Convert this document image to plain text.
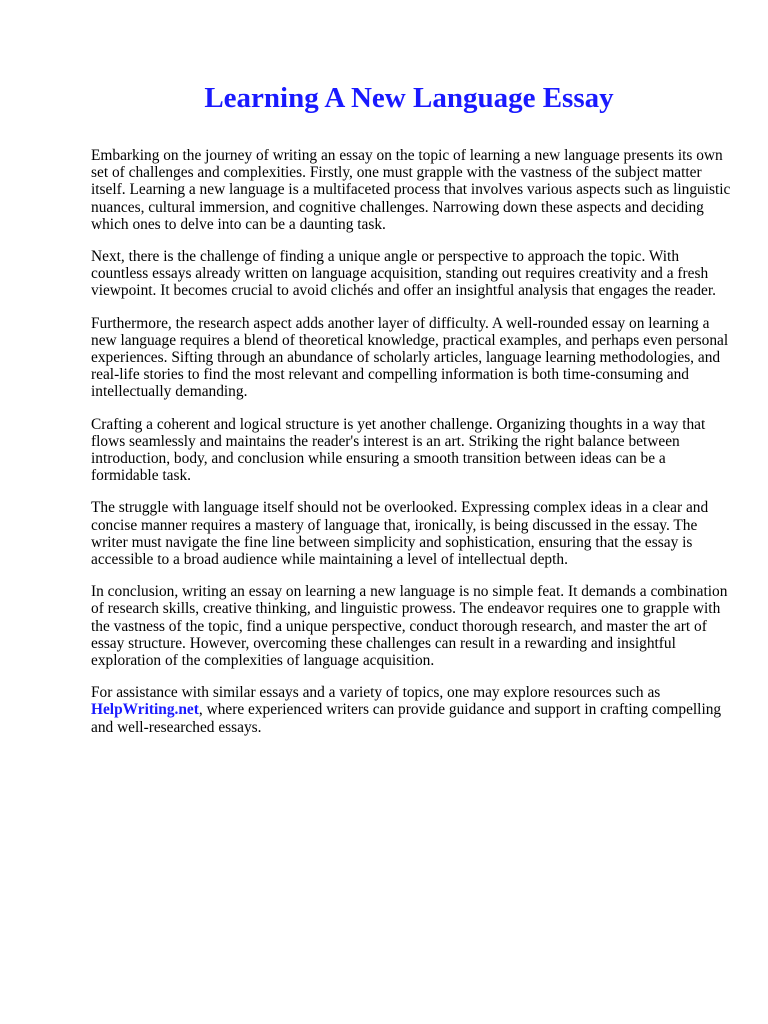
Learning A New Language Essay

Embarking on the journey of writing an essay on the topic of learning a new language presents its own set of challenges and complexities. Firstly, one must grapple with the vastness of the subject matter itself. Learning a new language is a multifaceted process that involves various aspects such as linguistic nuances, cultural immersion, and cognitive challenges. Narrowing down these aspects and deciding which ones to delve into can be a daunting task.

Next, there is the challenge of finding a unique angle or perspective to approach the topic. With countless essays already written on language acquisition, standing out requires creativity and a fresh viewpoint. It becomes crucial to avoid clichés and offer an insightful analysis that engages the reader.

Furthermore, the research aspect adds another layer of difficulty. A well-rounded essay on learning a new language requires a blend of theoretical knowledge, practical examples, and perhaps even personal experiences. Sifting through an abundance of scholarly articles, language learning methodologies, and real-life stories to find the most relevant and compelling information is both time-consuming and intellectually demanding.

Crafting a coherent and logical structure is yet another challenge. Organizing thoughts in a way that flows seamlessly and maintains the reader's interest is an art. Striking the right balance between introduction, body, and conclusion while ensuring a smooth transition between ideas can be a formidable task.

The struggle with language itself should not be overlooked. Expressing complex ideas in a clear and concise manner requires a mastery of language that, ironically, is being discussed in the essay. The writer must navigate the fine line between simplicity and sophistication, ensuring that the essay is accessible to a broad audience while maintaining a level of intellectual depth.

In conclusion, writing an essay on learning a new language is no simple feat. It demands a combination of research skills, creative thinking, and linguistic prowess. The endeavor requires one to grapple with the vastness of the topic, find a unique perspective, conduct thorough research, and master the art of essay structure. However, overcoming these challenges can result in a rewarding and insightful exploration of the complexities of language acquisition.

For assistance with similar essays and a variety of topics, one may explore resources such as HelpWriting.net, where experienced writers can provide guidance and support in crafting compelling and well-researched essays.
